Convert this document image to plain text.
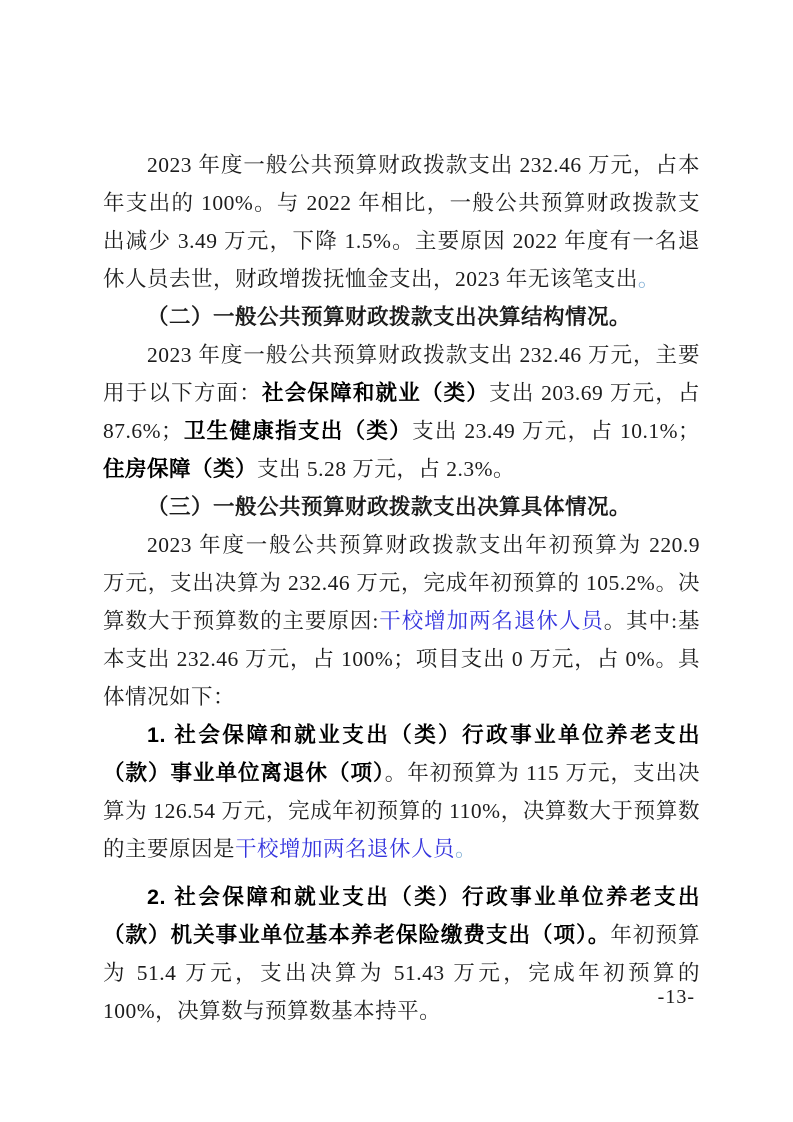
2023 年度一般公共预算财政拨款支出 232.46 万元，占本年支出的 100%。与 2022 年相比，一般公共预算财政拨款支出减少 3.49 万元，下降 1.5%。主要原因 2022 年度有一名退休人员去世，财政增拨抚恤金支出，2023 年无该笔支出。

（二）一般公共预算财政拨款支出决算结构情况。

2023 年度一般公共预算财政拨款支出 232.46 万元，主要用于以下方面：社会保障和就业（类）支出 203.69 万元，占 87.6%；卫生健康指支出（类）支出 23.49 万元，占 10.1%；住房保障（类）支出 5.28 万元，占 2.3%。

（三）一般公共预算财政拨款支出决算具体情况。

2023 年度一般公共预算财政拨款支出年初预算为 220.9 万元，支出决算为 232.46 万元，完成年初预算的 105.2%。决算数大于预算数的主要原因:干校增加两名退休人员。其中:基本支出 232.46 万元，占 100%；项目支出 0 万元，占 0%。具体情况如下：

1. 社会保障和就业支出（类）行政事业单位养老支出（款）事业单位离退休（项）。年初预算为 115 万元，支出决算为 126.54 万元，完成年初预算的 110%，决算数大于预算数的主要原因是干校增加两名退休人员。

2. 社会保障和就业支出（类）行政事业单位养老支出（款）机关事业单位基本养老保险缴费支出（项）。年初预算为 51.4 万元，支出决算为 51.43 万元，完成年初预算的 100%，决算数与预算数基本持平。

-13-
